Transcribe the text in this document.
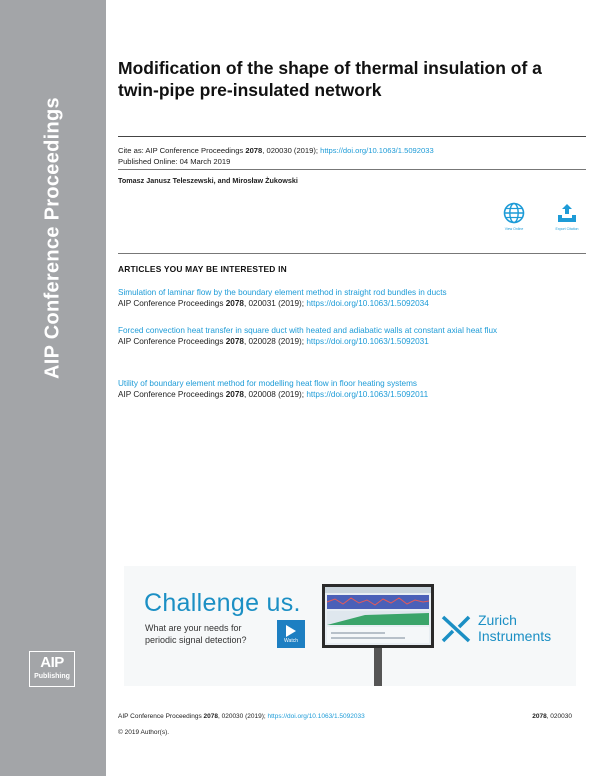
AIP Conference Proceedings
AIP
Publishing
Modification of the shape of thermal insulation of a twin-pipe pre-insulated network
Cite as: AIP Conference Proceedings 2078, 020030 (2019); https://doi.org/10.1063/1.5092033
Published Online: 04 March 2019
Tomasz Janusz Teleszewski, and Mirosław Żukowski
View Online	Export Citation
ARTICLES YOU MAY BE INTERESTED IN
Simulation of laminar flow by the boundary element method in straight rod bundles in ducts
AIP Conference Proceedings 2078, 020031 (2019); https://doi.org/10.1063/1.5092034
Forced convection heat transfer in square duct with heated and adiabatic walls at constant axial heat flux
AIP Conference Proceedings 2078, 020028 (2019); https://doi.org/10.1063/1.5092031
Utility of boundary element method for modelling heat flow in floor heating systems
AIP Conference Proceedings 2078, 020008 (2019); https://doi.org/10.1063/1.5092011
Challenge us.
What are your needs for periodic signal detection?	Watch
Zurich
Instruments
AIP Conference Proceedings 2078, 020030 (2019); https://doi.org/10.1063/1.5092033	2078, 020030
© 2019 Author(s).
